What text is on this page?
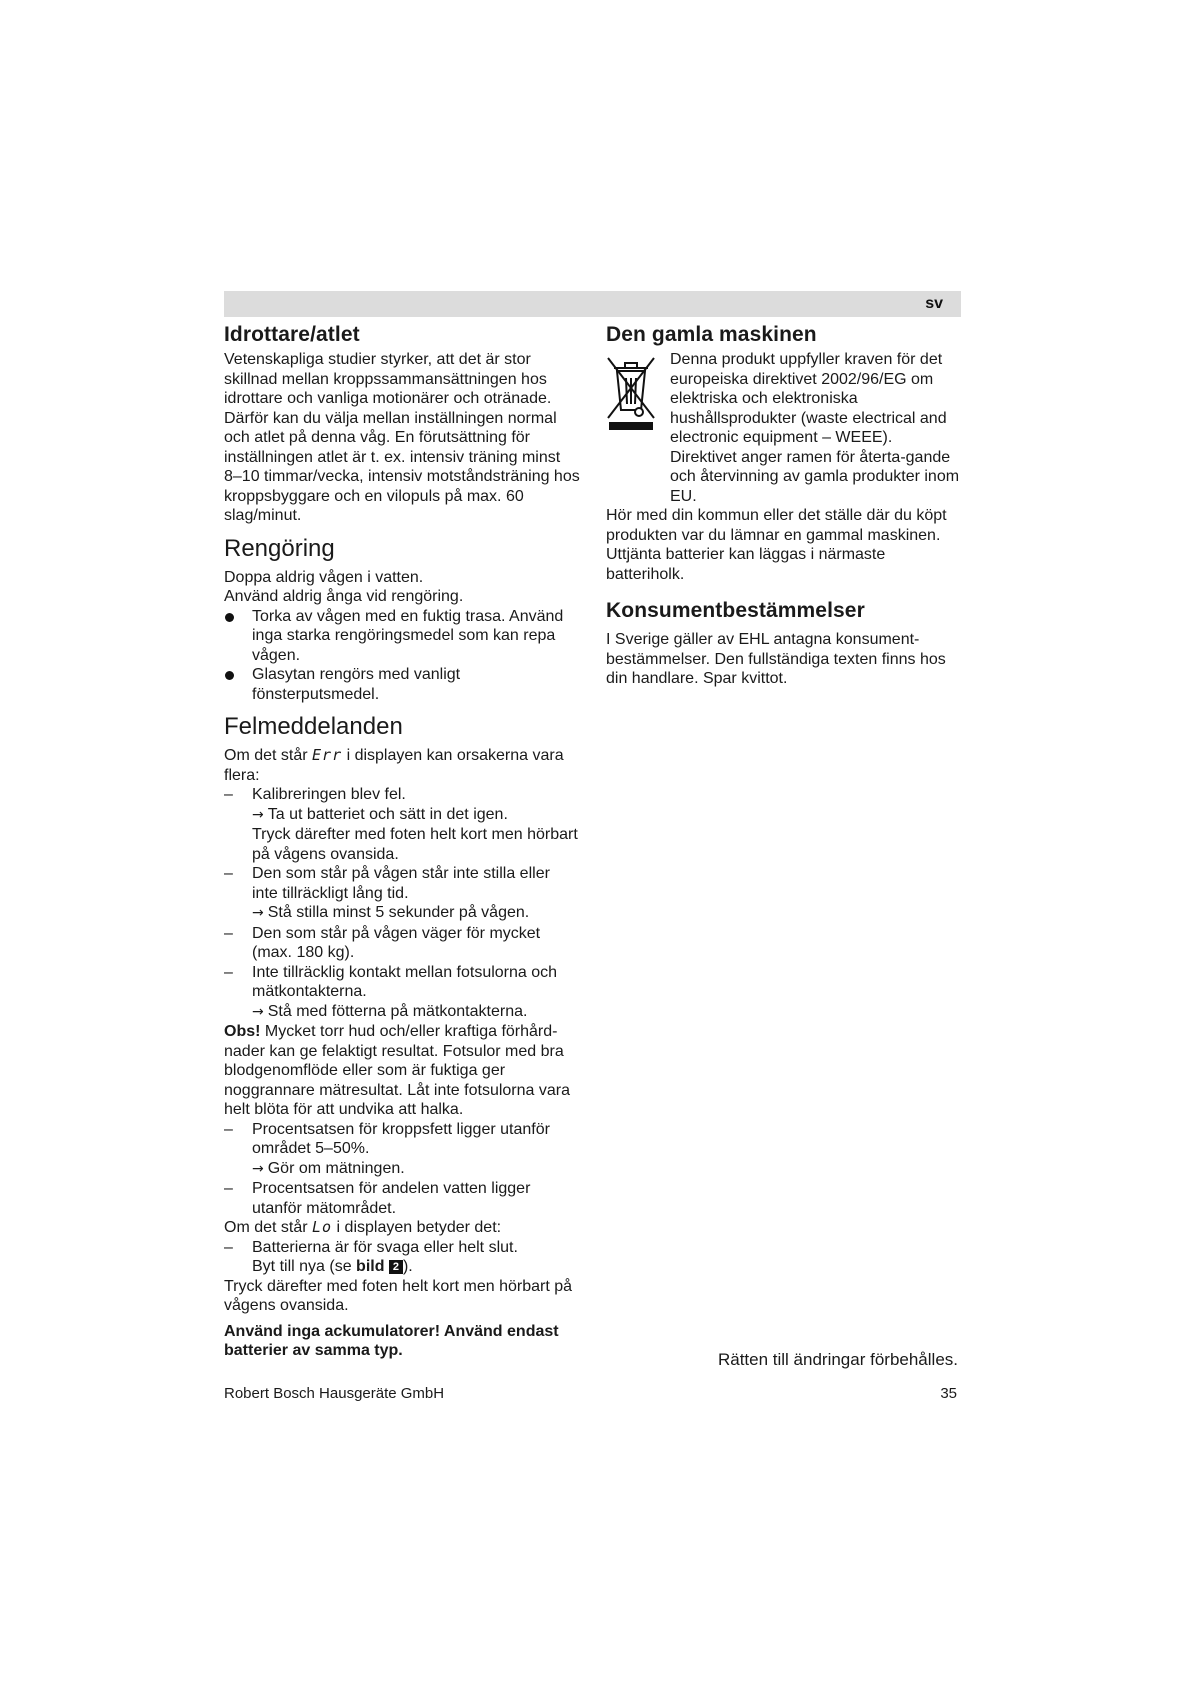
sv
Idrottare/atlet

Vetenskapliga studier styrker, att det är stor skillnad mellan kroppssammansättningen hos idrottare och vanliga motionärer och otränade. Därför kan du välja mellan inställningen normal och atlet på denna våg. En förutsättning för inställningen atlet är t. ex. intensiv träning minst 8–10 timmar/vecka, intensiv motståndsträning hos kroppsbyggare och en vilopuls på max. 60 slag/minut.

Rengöring

Doppa aldrig vågen i vatten.

Använd aldrig ånga vid rengöring.

Torka av vågen med en fuktig trasa. Använd inga starka rengöringsmedel som kan repa vågen.
Glasytan rengörs med vanligt fönsterputsmedel.
Felmeddelanden

Om det står Err i displayen kan orsakerna vara flera:

– Kalibreringen blev fel.
→ Ta ut batteriet och sätt in det igen.
Tryck därefter med foten helt kort men hörbart på vågens ovansida.
– Den som står på vågen står inte stilla eller inte tillräckligt lång tid.
→ Stå stilla minst 5 sekunder på vågen.
– Den som står på vågen väger för mycket (max. 180 kg).
– Inte tillräcklig kontakt mellan fotsulorna och mätkontakterna.
→ Stå med fötterna på mätkontakterna.

Obs! Mycket torr hud och/eller kraftiga förhård-nader kan ge felaktigt resultat. Fotsulor med bra blodgenomflöde eller som är fuktiga ger noggrannare mätresultat. Låt inte fotsulorna vara helt blöta för att undvika att halka.

– Procentsatsen för kroppsfett ligger utanför området 5–50%.
→ Gör om mätningen.
– Procentsatsen för andelen vatten ligger utanför mätområdet.

Om det står Lo i displayen betyder det:

– Batterierna är för svaga eller helt slut.
Byt till nya (se bild 2 ).

Tryck därefter med foten helt kort men hörbart på vågens ovansida.

Använd inga ackumulatorer! Använd endast batterier av samma typ.

Den gamla maskinen

Denna produkt uppfyller kraven för det europeiska direktivet 2002/96/EG om elektriska och elektroniska hushållsprodukter (waste electrical and electronic equipment – WEEE). Direktivet anger ramen för återta-gande och återvinning av gamla produkter inom EU.

Hör med din kommun eller det ställe där du köpt produkten var du lämnar en gammal maskinen.

Uttjänta batterier kan läggas i närmaste batteriholk.

Konsumentbestämmelser

I Sverige gäller av EHL antagna konsument-bestämmelser. Den fullständiga texten finns hos din handlare. Spar kvittot.

Rätten till ändringar förbehålles.
Robert Bosch Hausgeräte GmbH	35
